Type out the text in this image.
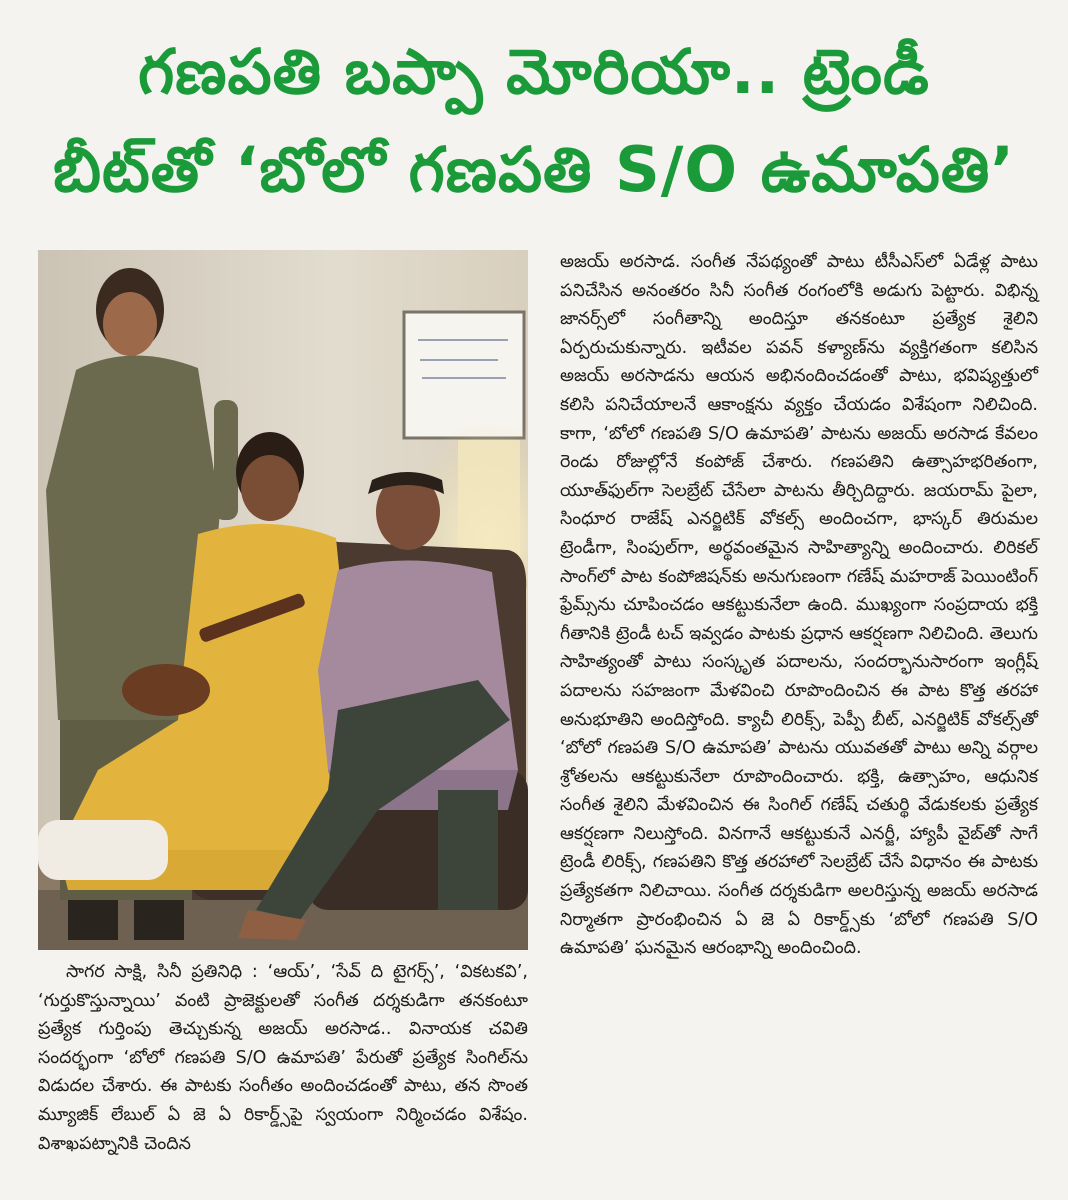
గణపతి బప్పా మోరియా.. ట్రెండీ
బీట్‌తో ‘బోలో గణపతి S/O ఉమాపతి’

సాగర సాక్షి, సినీ ప్రతినిధి : ‘ఆయ్’, ‘సేవ్ ది టైగర్స్’, ‘వికటకవి’, ‘గుర్తుకొస్తున్నాయి’ వంటి ప్రాజెక్టులతో సంగీత దర్శకుడిగా తనకంటూ ప్రత్యేక గుర్తింపు తెచ్చుకున్న అజయ్ అరసాడ.. వినాయక చవితి సందర్భంగా ‘బోలో గణపతి S/O ఉమాపతి’ పేరుతో ప్రత్యేక సింగిల్‌ను విడుదల చేశారు. ఈ పాటకు సంగీతం అందించడంతో పాటు, తన సొంత మ్యూజిక్ లేబుల్ ఏ జె ఏ రికార్డ్స్‌పై స్వయంగా నిర్మించడం విశేషం. విశాఖపట్నానికి చెందిన

అజయ్ అరసాడ. సంగీత నేపథ్యంతో పాటు టీసీఎస్‌లో ఏడేళ్ల పాటు పనిచేసిన అనంతరం సినీ సంగీత రంగంలోకి అడుగు పెట్టారు. విభిన్న జానర్స్‌లో సంగీతాన్ని అందిస్తూ తనకంటూ ప్రత్యేక శైలిని ఏర్పరుచుకున్నారు. ఇటీవల పవన్ కళ్యాణ్‌ను వ్యక్తిగతంగా కలిసిన అజయ్ అరసాడను ఆయన అభినందించడంతో పాటు, భవిష్యత్తులో కలిసి పనిచేయాలనే ఆకాంక్షను వ్యక్తం చేయడం విశేషంగా నిలిచింది. కాగా, ‘బోలో గణపతి S/O ఉమాపతి’ పాటను అజయ్ అరసాడ కేవలం రెండు రోజుల్లోనే కంపోజ్ చేశారు. గణపతిని ఉత్సాహభరితంగా, యూత్‌ఫుల్‌గా సెలబ్రేట్ చేసేలా పాటను తీర్చిదిద్దారు. జయరామ్ పైలా, సింధూర రాజేష్ ఎనర్జిటిక్ వోకల్స్ అందించగా, భాస్కర్ తిరుమల ట్రెండీగా, సింపుల్‌గా, అర్థవంతమైన సాహిత్యాన్ని అందించారు. లిరికల్ సాంగ్‌లో పాట కంపోజిషన్‌కు అనుగుణంగా గణేష్ మహరాజ్ పెయింటింగ్ ఫ్రేమ్స్‌ను చూపించడం ఆకట్టుకునేలా ఉంది. ముఖ్యంగా సంప్రదాయ భక్తి గీతానికి ట్రెండీ టచ్ ఇవ్వడం పాటకు ప్రధాన ఆకర్షణగా నిలిచింది. తెలుగు సాహిత్యంతో పాటు సంస్కృత పదాలను, సందర్భానుసారంగా ఇంగ్లీష్ పదాలను సహజంగా మేళవించి రూపొందించిన ఈ పాట కొత్త తరహా అనుభూతిని అందిస్తోంది. క్యాచీ లిరిక్స్, పెప్పీ బీట్, ఎనర్జిటిక్ వోకల్స్‌తో ‘బోలో గణపతి S/O ఉమాపతి’ పాటను యువతతో పాటు అన్ని వర్గాల శ్రోతలను ఆకట్టుకునేలా రూపొందించారు. భక్తి, ఉత్సాహం, ఆధునిక సంగీత శైలిని మేళవించిన ఈ సింగిల్ గణేష్ చతుర్థి వేడుకలకు ప్రత్యేక ఆకర్షణగా నిలుస్తోంది. వినగానే ఆకట్టుకునే ఎనర్జీ, హ్యాపీ వైబ్‌తో సాగే ట్రెండీ లిరిక్స్, గణపతిని కొత్త తరహాలో సెలబ్రేట్ చేసే విధానం ఈ పాటకు ప్రత్యేకతగా నిలిచాయి. సంగీత దర్శకుడిగా అలరిస్తున్న అజయ్ అరసాడ నిర్మాతగా ప్రారంభించిన ఏ జె ఏ రికార్డ్స్‌కు ‘బోలో గణపతి S/O ఉమాపతి’ ఘనమైన ఆరంభాన్ని అందించింది.
